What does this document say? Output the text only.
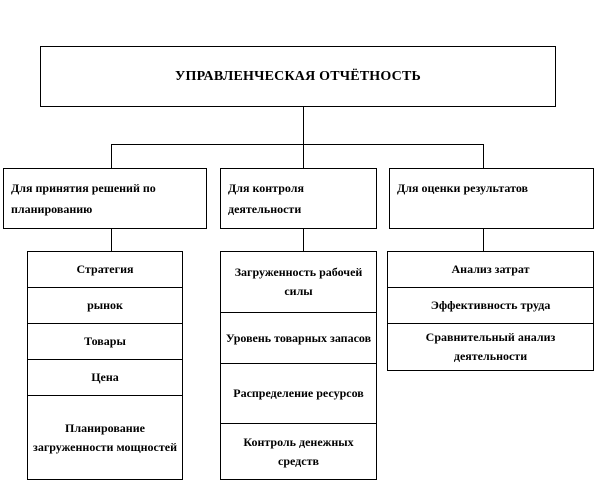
УПРАВЛЕНЧЕСКАЯ ОТЧЁТНОСТЬ
Для принятия решений по планированию
Для контроля деятельности
Для оценки результатов
Стратегия
рынок
Товары
Цена
Планирование загруженности мощностей
Загруженность рабочей силы
Уровень товарных запасов
Распределение ресурсов
Контроль денежных средств
Анализ затрат
Эффективность труда
Сравнительный анализ деятельности
